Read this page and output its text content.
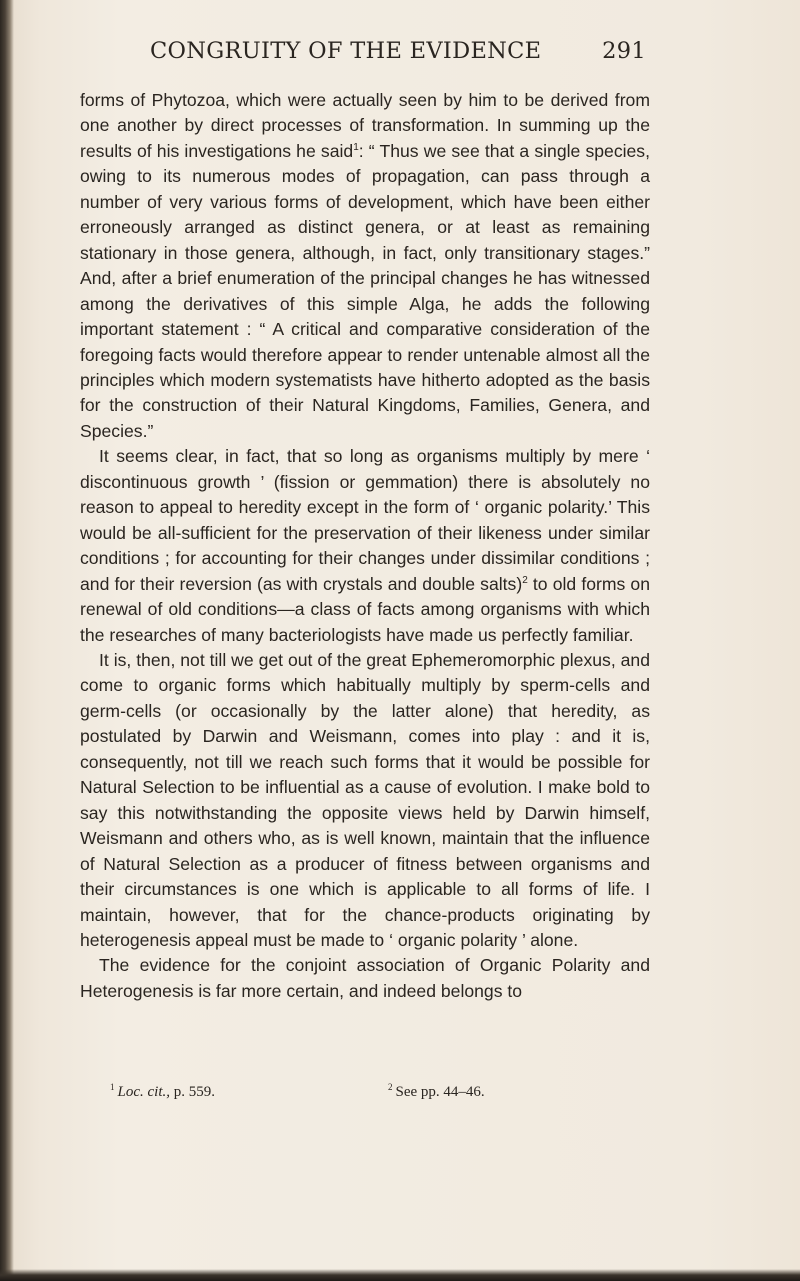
CONGRUITY OF THE EVIDENCE	291

forms of Phytozoa, which were actually seen by him to be derived from one another by direct processes of transformation. In summing up the results of his investigations he said$^1$: “ Thus we see that a single species, owing to its numerous modes of propagation, can pass through a number of very various forms of development, which have been either erroneously arranged as distinct genera, or at least as remaining stationary in those genera, although, in fact, only transitionary stages.” And, after a brief enumeration of the principal changes he has witnessed among the derivatives of this simple Alga, he adds the following important statement : “ A critical and comparative consideration of the foregoing facts would therefore appear to render untenable almost all the principles which modern systematists have hitherto adopted as the basis for the construction of their Natural Kingdoms, Families, Genera, and Species.”

It seems clear, in fact, that so long as organisms multiply by mere ‘ discontinuous growth ’ (fission or gemmation) there is absolutely no reason to appeal to heredity except in the form of ‘ organic polarity.’ This would be all-sufficient for the preservation of their likeness under similar conditions ; for accounting for their changes under dissimilar conditions ; and for their reversion (as with crystals and double salts)$^2$ to old forms on renewal of old conditions—a class of facts among organisms with which the researches of many bacteriologists have made us perfectly familiar.

It is, then, not till we get out of the great Ephemeromorphic plexus, and come to organic forms which habitually multiply by sperm-cells and germ-cells (or occasionally by the latter alone) that heredity, as postulated by Darwin and Weismann, comes into play : and it is, consequently, not till we reach such forms that it would be possible for Natural Selection to be influential as a cause of evolution. I make bold to say this notwithstanding the opposite views held by Darwin himself, Weismann and others who, as is well known, maintain that the influence of Natural Selection as a producer of fitness between organisms and their circumstances is one which is applicable to all forms of life. I maintain, however, that for the chance-products originating by heterogenesis appeal must be made to ‘ organic polarity ’ alone.

The evidence for the conjoint association of Organic Polarity and Heterogenesis is far more certain, and indeed belongs to

$^1$ Loc. cit., p. 559.	$^2$ See pp. 44–46.
